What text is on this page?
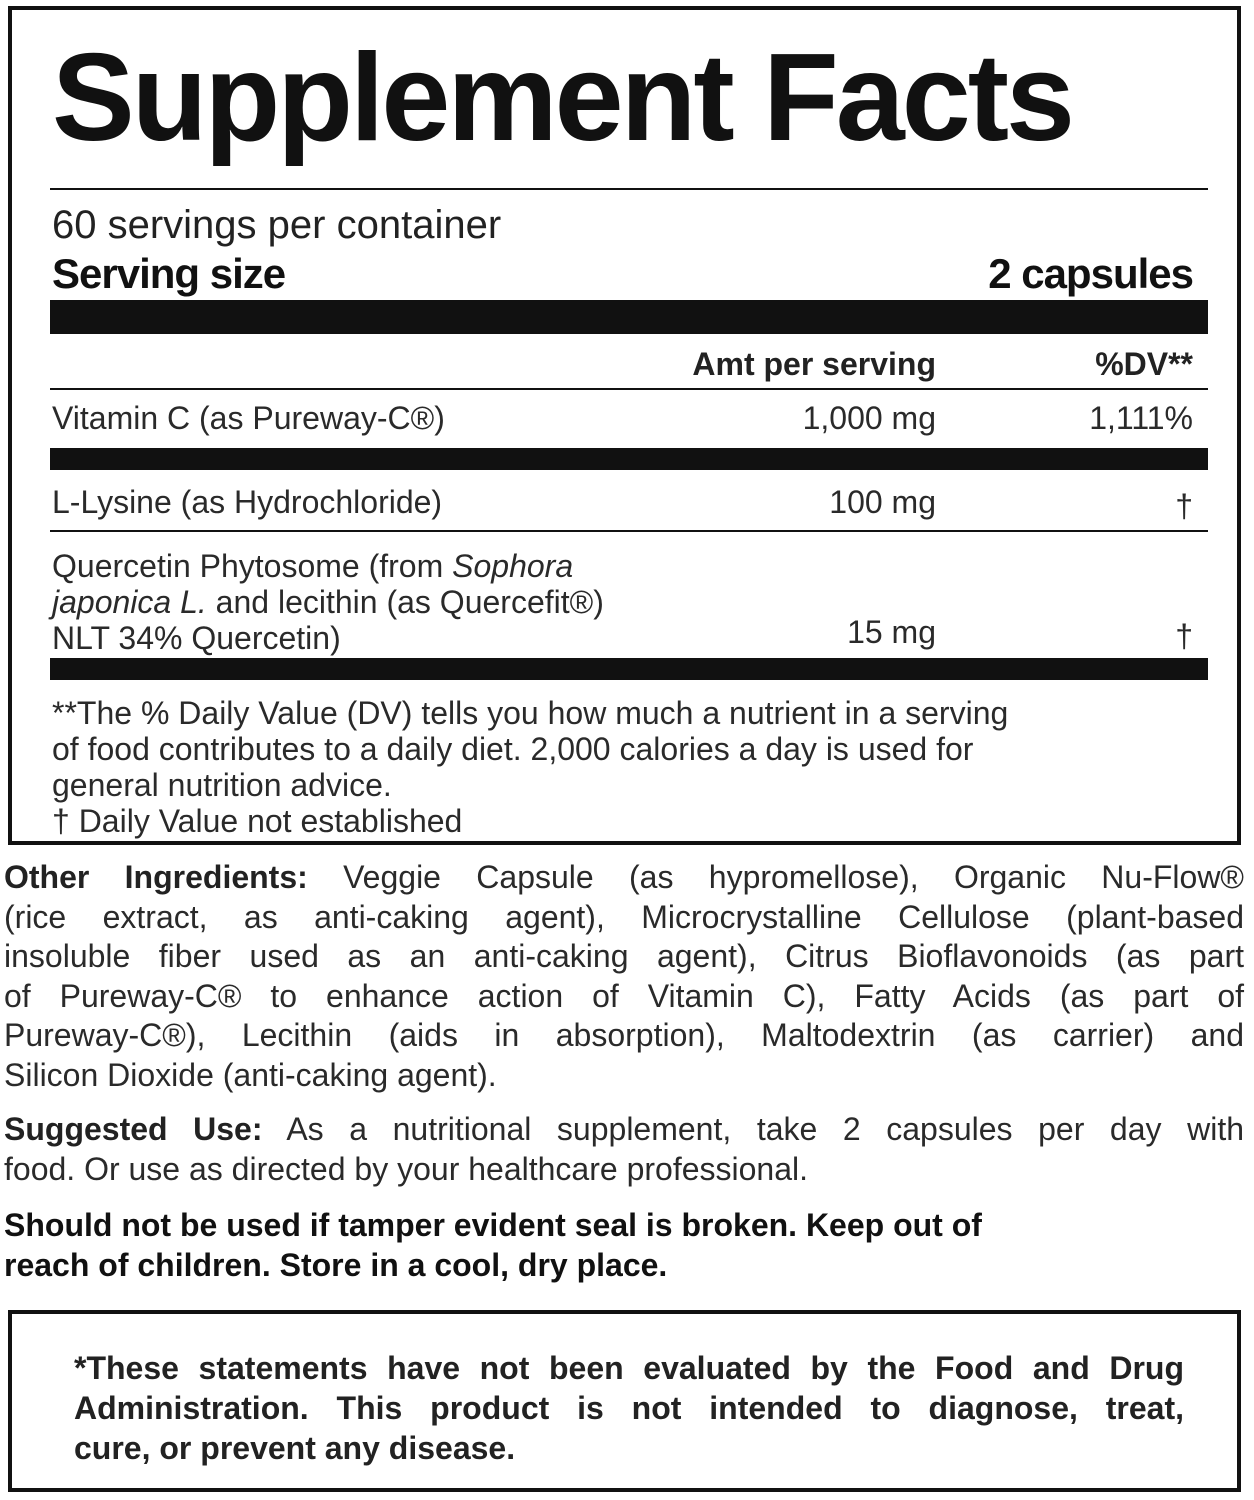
Supplement Facts
60 servings per container
Serving size	2 capsules
Amt per serving	%DV**
Vitamin C (as Pureway-C®)	1,000 mg	1,111%
L-Lysine (as Hydrochloride)	100 mg	†
Quercetin Phytosome (from Sophora
japonica L. and lecithin (as Quercefit®)
NLT 34% Quercetin)	15 mg	†
**The % Daily Value (DV) tells you how much a nutrient in a serving
of food contributes to a daily diet. 2,000 calories a day is used for
general nutrition advice.
† Daily Value not established
Other Ingredients: Veggie Capsule (as hypromellose), Organic Nu-Flow®
(rice extract, as anti-caking agent), Microcrystalline Cellulose (plant-based
insoluble fiber used as an anti-caking agent), Citrus Bioflavonoids (as part
of Pureway-C® to enhance action of Vitamin C), Fatty Acids (as part of
Pureway-C®), Lecithin (aids in absorption), Maltodextrin (as carrier) and
Silicon Dioxide (anti-caking agent).
Suggested Use: As a nutritional supplement, take 2 capsules per day with
food. Or use as directed by your healthcare professional.
Should not be used if tamper evident seal is broken. Keep out of
reach of children. Store in a cool, dry place.
*These statements have not been evaluated by the Food and Drug
Administration. This product is not intended to diagnose, treat,
cure, or prevent any disease.
